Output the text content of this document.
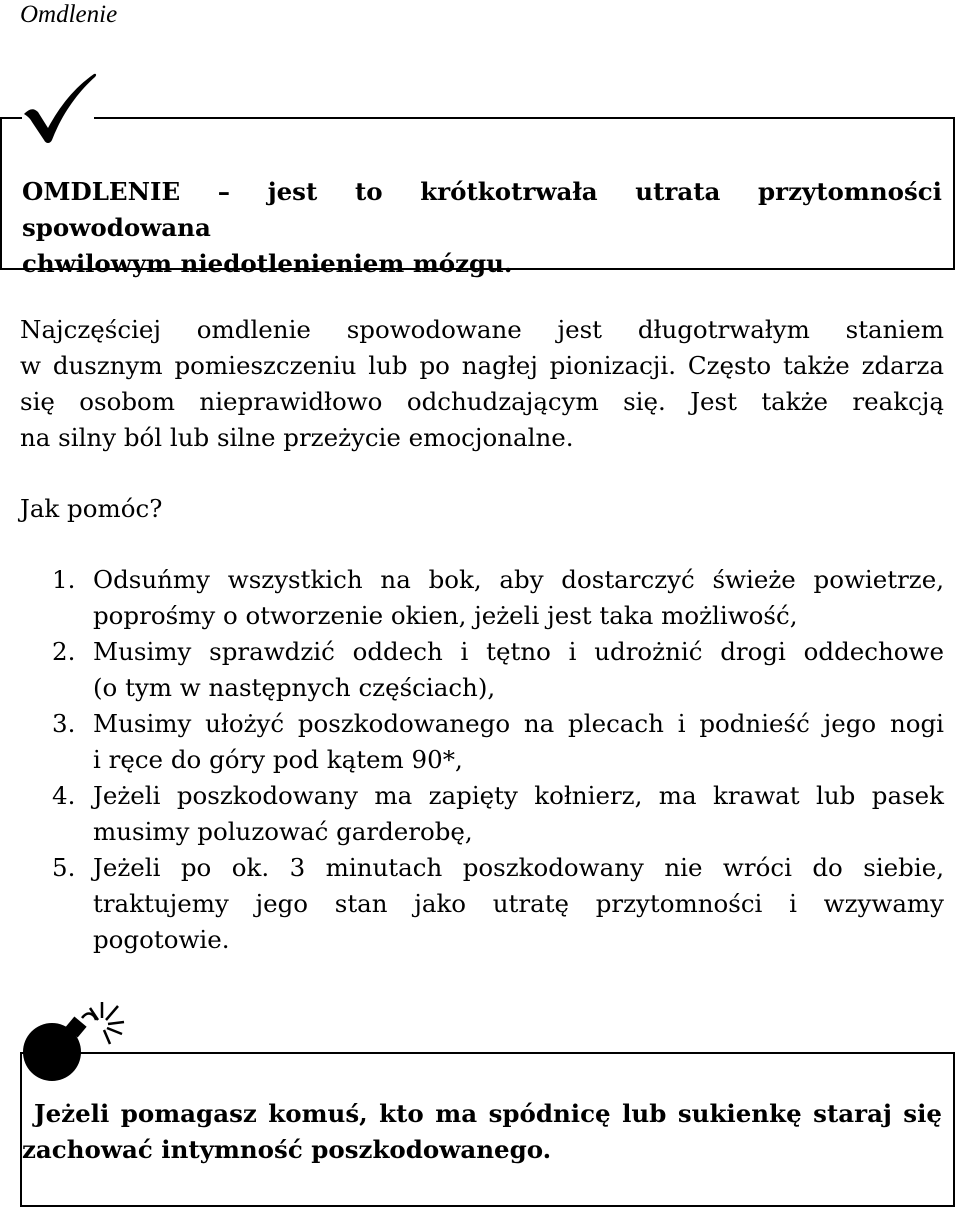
Omdlenie
OMDLENIE – jest to krótkotrwała utrata przytomności spowodowana
chwilowym niedotlenieniem mózgu.
Najczęściej omdlenie spowodowane jest długotrwałym staniem
w dusznym pomieszczeniu lub po nagłej pionizacji. Często także zdarza
się osobom nieprawidłowo odchudzającym się. Jest także reakcją
na silny ból lub silne przeżycie emocjonalne.
Jak pomóc?
1. Odsuńmy wszystkich na bok, aby dostarczyć świeże powietrze,
poprośmy o otworzenie okien, jeżeli jest taka możliwość,
2. Musimy sprawdzić oddech i tętno i udrożnić drogi oddechowe
(o tym w następnych częściach),
3. Musimy ułożyć poszkodowanego na plecach i podnieść jego nogi
i ręce do góry pod kątem 90*,
4. Jeżeli poszkodowany ma zapięty kołnierz, ma krawat lub pasek
musimy poluzować garderobę,
5. Jeżeli po ok. 3 minutach poszkodowany nie wróci do siebie,
traktujemy jego stan jako utratę przytomności i wzywamy
pogotowie.
Jeżeli pomagasz komuś, kto ma spódnicę lub sukienkę staraj się
zachować intymność poszkodowanego.
